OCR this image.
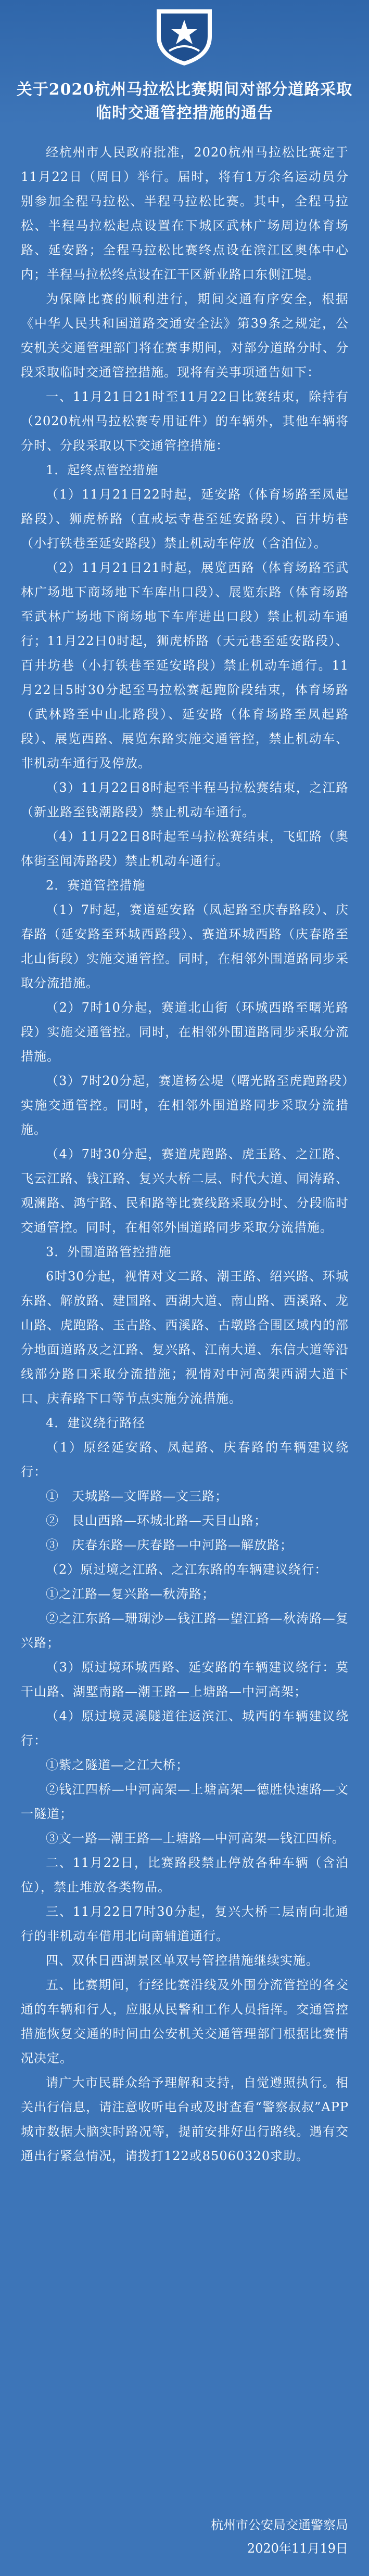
关于2020杭州马拉松比赛期间对部分道路采取临时交通管控措施的通告

经杭州市人民政府批准，2020杭州马拉松比赛定于11月22日（周日）举行。届时，将有1万余名运动员分别参加全程马拉松、半程马拉松比赛。其中，全程马拉松、半程马拉松起点设置在下城区武林广场周边体育场路、延安路；全程马拉松比赛终点设在滨江区奥体中心内；半程马拉松终点设在江干区新业路口东侧江堤。

为保障比赛的顺利进行，期间交通有序安全，根据《中华人民共和国道路交通安全法》第39条之规定，公安机关交通管理部门将在赛事期间，对部分道路分时、分段采取临时交通管控措施。现将有关事项通告如下：

一、11月21日21时至11月22日比赛结束，除持有（2020杭州马拉松赛专用证件）的车辆外，其他车辆将分时、分段采取以下交通管控措施：

1．起终点管控措施

（1）11月21日22时起，延安路（体育场路至凤起路段）、狮虎桥路（直戒坛寺巷至延安路段）、百井坊巷（小打铁巷至延安路段）禁止机动车停放（含泊位）。

（2）11月21日21时起，展览西路（体育场路至武林广场地下商场地下车库出口段）、展览东路（体育场路至武林广场地下商场地下车库进出口段）禁止机动车通行；11月22日0时起，狮虎桥路（天元巷至延安路段）、百井坊巷（小打铁巷至延安路段）禁止机动车通行。11月22日5时30分起至马拉松赛起跑阶段结束，体育场路（武林路至中山北路段）、延安路（体育场路至凤起路段）、展览西路、展览东路实施交通管控，禁止机动车、非机动车通行及停放。

（3）11月22日8时起至半程马拉松赛结束，之江路（新业路至钱潮路段）禁止机动车通行。

（4）11月22日8时起至马拉松赛结束，飞虹路（奥体街至闻涛路段）禁止机动车通行。

2．赛道管控措施

（1）7时起，赛道延安路（凤起路至庆春路段）、庆春路（延安路至环城西路段）、赛道环城西路（庆春路至北山街段）实施交通管控。同时，在相邻外围道路同步采取分流措施。

（2）7时10分起，赛道北山街（环城西路至曙光路段）实施交通管控。同时，在相邻外围道路同步采取分流措施。

（3）7时20分起，赛道杨公堤（曙光路至虎跑路段）实施交通管控。同时，在相邻外围道路同步采取分流措施。

（4）7时30分起，赛道虎跑路、虎玉路、之江路、飞云江路、钱江路、复兴大桥二层、时代大道、闻涛路、观澜路、鸿宁路、民和路等比赛线路采取分时、分段临时交通管控。同时，在相邻外围道路同步采取分流措施。

3．外围道路管控措施

6时30分起，视情对文二路、潮王路、绍兴路、环城东路、解放路、建国路、西湖大道、南山路、西溪路、龙山路、虎跑路、玉古路、西溪路、古墩路合围区域内的部分地面道路及之江路、复兴路、江南大道、东信大道等沿线部分路口采取分流措施；视情对中河高架西湖大道下口、庆春路下口等节点实施分流措施。

4．建议绕行路径

（1）原经延安路、凤起路、庆春路的车辆建议绕行：

①　天城路—文晖路—文三路；

②　艮山西路—环城北路—天目山路；

③　庆春东路—庆春路—中河路—解放路；

（2）原过境之江路、之江东路的车辆建议绕行：

①之江路—复兴路—秋涛路；

②之江东路—珊瑚沙—钱江路—望江路—秋涛路—复兴路；

（3）原过境环城西路、延安路的车辆建议绕行：莫干山路、湖墅南路—潮王路—上塘路—中河高架；

（4）原过境灵溪隧道往返滨江、城西的车辆建议绕行：

①紫之隧道—之江大桥；

②钱江四桥—中河高架—上塘高架—德胜快速路—文一隧道；

③文一路—潮王路—上塘路—中河高架—钱江四桥。

二、11月22日，比赛路段禁止停放各种车辆（含泊位），禁止堆放各类物品。

三、11月22日7时30分起，复兴大桥二层南向北通行的非机动车借用北向南辅道通行。

四、双休日西湖景区单双号管控措施继续实施。

五、比赛期间，行经比赛沿线及外围分流管控的各交通的车辆和行人，应服从民警和工作人员指挥。交通管控措施恢复交通的时间由公安机关交通管理部门根据比赛情况决定。

请广大市民群众给予理解和支持，自觉遵照执行。相关出行信息，请注意收听电台或及时查看“警察叔叔”APP城市数据大脑实时路况等，提前安排好出行路线。遇有交通出行紧急情况，请拨打122或85060320求助。

杭州市公安局交通警察局
2020年11月19日
